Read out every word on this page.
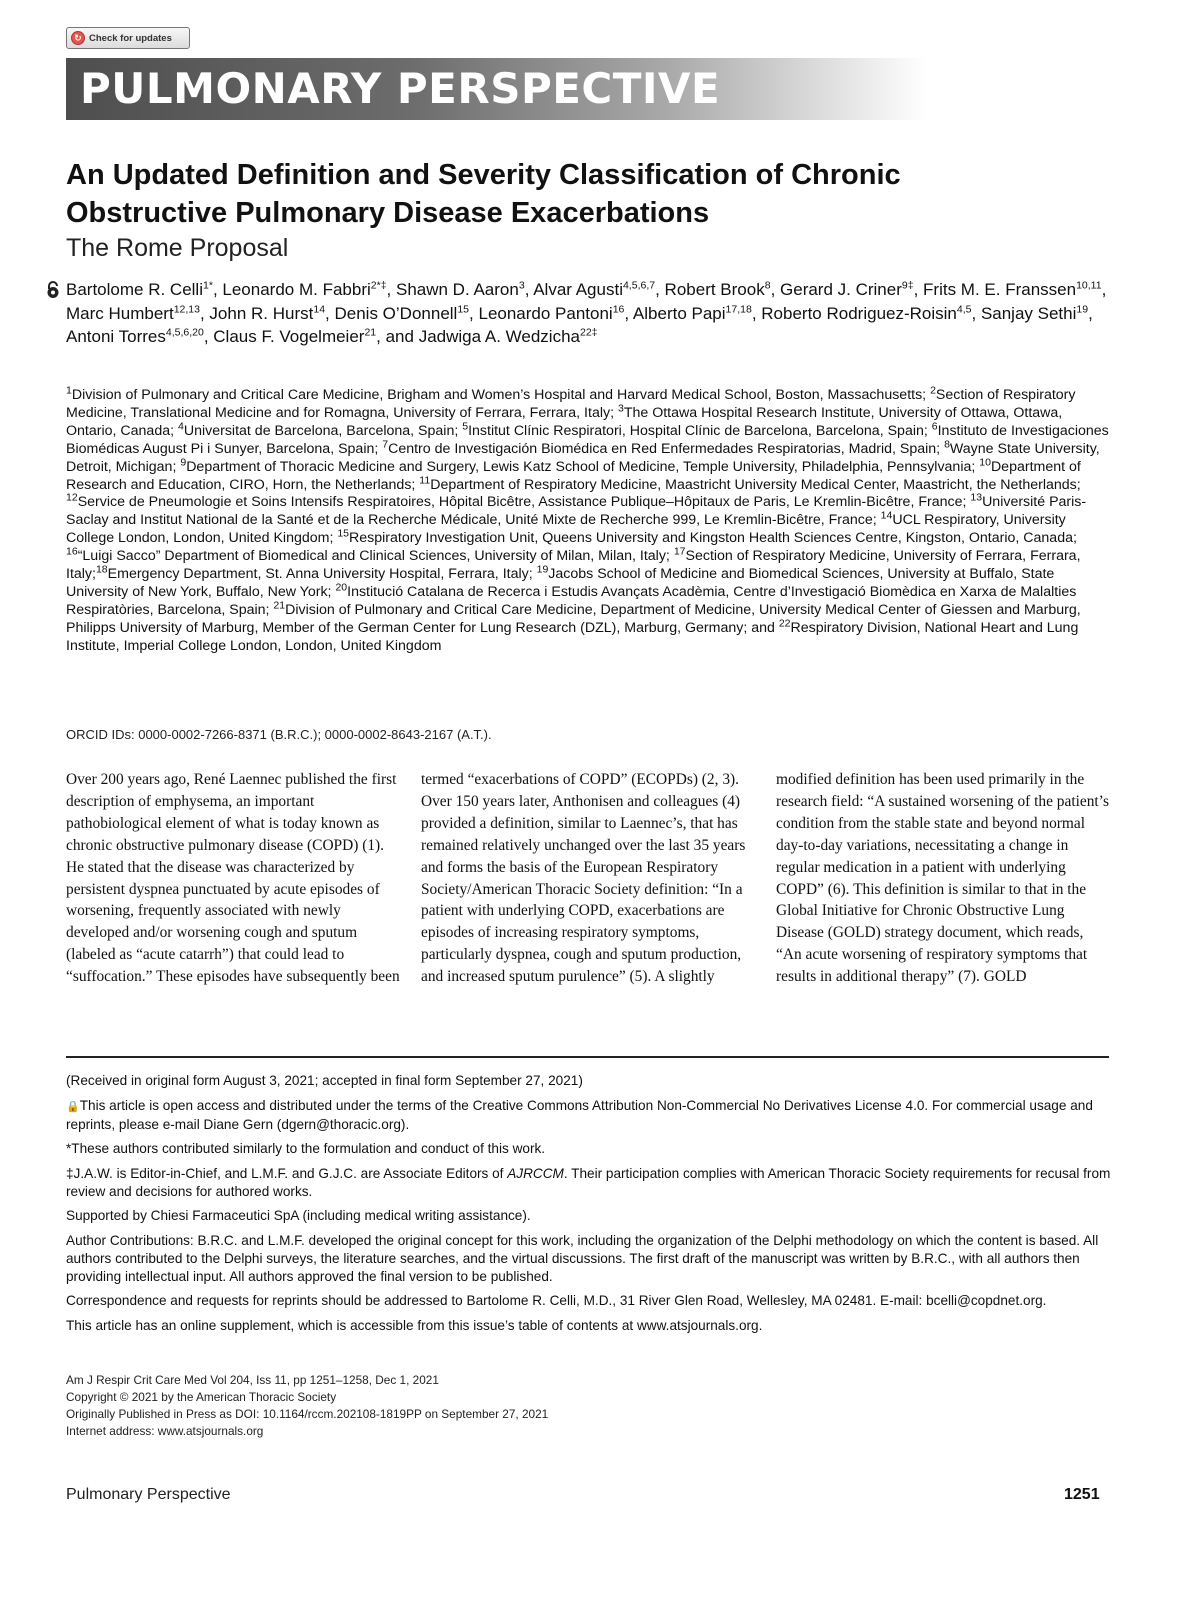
↻ Check for updates
PULMONARY PERSPECTIVE
An Updated Definition and Severity Classification of Chronic
Obstructive Pulmonary Disease Exacerbations
The Rome Proposal
Bartolome R. Celli$^{1*}$, Leonardo M. Fabbri$^{2*\ddagger}$, Shawn D. Aaron$^3$, Alvar Agusti$^{4,5,6,7}$, Robert Brook$^8$, Gerard J. Criner$^{9\ddagger}$, Frits M. E. Franssen$^{10,11}$, Marc Humbert$^{12,13}$, John R. Hurst$^{14}$, Denis O’Donnell$^{15}$, Leonardo Pantoni$^{16}$, Alberto Papi$^{17,18}$, Roberto Rodriguez-Roisin$^{4,5}$, Sanjay Sethi$^{19}$, Antoni Torres$^{4,5,6,20}$, Claus F. Vogelmeier$^{21}$, and Jadwiga A. Wedzicha$^{22\ddagger}$
$^1$Division of Pulmonary and Critical Care Medicine, Brigham and Women’s Hospital and Harvard Medical School, Boston, Massachusetts; $^2$Section of Respiratory Medicine, Translational Medicine and for Romagna, University of Ferrara, Ferrara, Italy; $^3$The Ottawa Hospital Research Institute, University of Ottawa, Ottawa, Ontario, Canada; $^4$Universitat de Barcelona, Barcelona, Spain; $^5$Institut Clínic Respiratori, Hospital Clínic de Barcelona, Barcelona, Spain; $^6$Instituto de Investigaciones Biomédicas August Pi i Sunyer, Barcelona, Spain; $^7$Centro de Investigación Biomédica en Red Enfermedades Respiratorias, Madrid, Spain; $^8$Wayne State University, Detroit, Michigan; $^9$Department of Thoracic Medicine and Surgery, Lewis Katz School of Medicine, Temple University, Philadelphia, Pennsylvania; $^{10}$Department of Research and Education, CIRO, Horn, the Netherlands; $^{11}$Department of Respiratory Medicine, Maastricht University Medical Center, Maastricht, the Netherlands; $^{12}$Service de Pneumologie et Soins Intensifs Respiratoires, Hôpital Bicêtre, Assistance Publique–Hôpitaux de Paris, Le Kremlin-Bicêtre, France; $^{13}$Université Paris-Saclay and Institut National de la Santé et de la Recherche Médicale, Unité Mixte de Recherche 999, Le Kremlin-Bicêtre, France; $^{14}$UCL Respiratory, University College London, London, United Kingdom; $^{15}$Respiratory Investigation Unit, Queens University and Kingston Health Sciences Centre, Kingston, Ontario, Canada; $^{16}$“Luigi Sacco” Department of Biomedical and Clinical Sciences, University of Milan, Milan, Italy; $^{17}$Section of Respiratory Medicine, University of Ferrara, Ferrara, Italy;$^{18}$Emergency Department, St. Anna University Hospital, Ferrara, Italy; $^{19}$Jacobs School of Medicine and Biomedical Sciences, University at Buffalo, State University of New York, Buffalo, New York; $^{20}$Institució Catalana de Recerca i Estudis Avançats Acadèmia, Centre d’Investigació Biomèdica en Xarxa de Malalties Respiratòries, Barcelona, Spain; $^{21}$Division of Pulmonary and Critical Care Medicine, Department of Medicine, University Medical Center of Giessen and Marburg, Philipps University of Marburg, Member of the German Center for Lung Research (DZL), Marburg, Germany; and $^{22}$Respiratory Division, National Heart and Lung Institute, Imperial College London, London, United Kingdom
ORCID IDs: 0000-0002-7266-8371 (B.R.C.); 0000-0002-8643-2167 (A.T.).
Over 200 years ago, René Laennec published the first description of emphysema, an important pathobiological element of what is today known as chronic obstructive pulmonary disease (COPD) (1). He stated that the disease was characterized by persistent dyspnea punctuated by acute episodes of worsening, frequently associated with newly developed and/or worsening cough and sputum (labeled as “acute catarrh”) that could lead to “suffocation.” These episodes have subsequently been
termed “exacerbations of COPD” (ECOPDs) (2, 3). Over 150 years later, Anthonisen and colleagues (4) provided a definition, similar to Laennec’s, that has remained relatively unchanged over the last 35 years and forms the basis of the European Respiratory Society/American Thoracic Society definition: “In a patient with underlying COPD, exacerbations are episodes of increasing respiratory symptoms, particularly dyspnea, cough and sputum production, and increased sputum purulence” (5). A slightly
modified definition has been used primarily in the research field: “A sustained worsening of the patient’s condition from the stable state and beyond normal day-to-day variations, necessitating a change in regular medication in a patient with underlying COPD” (6). This definition is similar to that in the Global Initiative for Chronic Obstructive Lung Disease (GOLD) strategy document, which reads, “An acute worsening of respiratory symptoms that results in additional therapy” (7). GOLD

(Received in original form August 3, 2021; accepted in final form September 27, 2021)

🔒This article is open access and distributed under the terms of the Creative Commons Attribution Non-Commercial No Derivatives License 4.0. For commercial usage and reprints, please e-mail Diane Gern (dgern@thoracic.org).

*These authors contributed similarly to the formulation and conduct of this work.

‡J.A.W. is Editor-in-Chief, and L.M.F. and G.J.C. are Associate Editors of AJRCCM. Their participation complies with American Thoracic Society requirements for recusal from review and decisions for authored works.

Supported by Chiesi Farmaceutici SpA (including medical writing assistance).

Author Contributions: B.R.C. and L.M.F. developed the original concept for this work, including the organization of the Delphi methodology on which the content is based. All authors contributed to the Delphi surveys, the literature searches, and the virtual discussions. The first draft of the manuscript was written by B.R.C., with all authors then providing intellectual input. All authors approved the final version to be published.

Correspondence and requests for reprints should be addressed to Bartolome R. Celli, M.D., 31 River Glen Road, Wellesley, MA 02481. E-mail: bcelli@copdnet.org.

This article has an online supplement, which is accessible from this issue’s table of contents at www.atsjournals.org.

Am J Respir Crit Care Med Vol 204, Iss 11, pp 1251–1258, Dec 1, 2021
Copyright © 2021 by the American Thoracic Society
Originally Published in Press as DOI: 10.1164/rccm.202108-1819PP on September 27, 2021
Internet address: www.atsjournals.org
Pulmonary Perspective	1251
